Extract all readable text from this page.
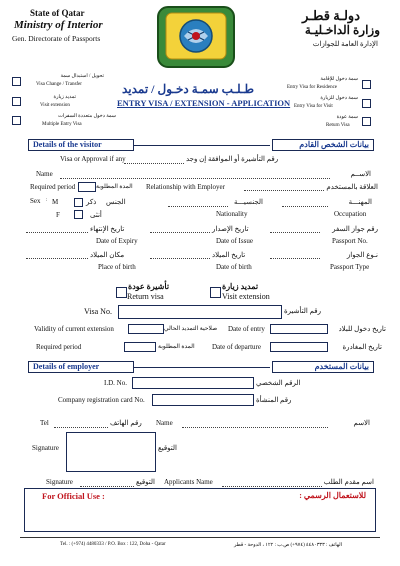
State of Qatar
Ministry of Interior
Gen. Directorate of Passports
دولـة قطـر
وزارة الداخـليـة
الإدارة العامة للجوازات
طـلـب سمـة دخـول / تمديد
ENTRY VISA / EXTENSION - APPLICATION
تحويل / استبدال سمة
Visa Change / Transfer
تمديد زيارة
Visit extension
سمة دخول متعددة السفرات
Multiple Entry Visa
سمة دخول للإقامة
Entry Visa for Residence
سمة دخول للزيارة
Entry Visa for Visit
سمة عودة
Return Visa
Details of the visitor	بيانات الشخص القادم
Visa or Approval if any	رقم التأشيرة أو الموافقة إن وجد
Name	الاســم
Required period	المدة المطلوبة	Relationship with Employer	العلاقة بالمستخدم
Sex : M	ذكر
F	أنثى
الجنس	الجنسيـــة
Nationality
المهنـــة
Occupation
تاريخ الإنتهاء
Date of Expiry
تاريخ الإصدار
Date of Issue
رقم جواز السفر
Passport No.
مكان الميلاد
Place of birth
تاريخ الميلاد
Date of birth
نـوع الجواز
Passport Type
تأشيرة عودة
Return visa
تمديد زيارة
Visit extension
Visa No.	رقم التأشيرة
Validity of current extension	صلاحية التمديد الحالي	Date of entry	تاريخ دخول للبلاد
Required period	المدة المطلوبة	Date of departure	تاريخ المغادرة
Details of employer	بيانات المستخدم
I.D. No.	الرقم الشخصي
Company registration card No.	رقم المنشأة
Tel	رقم الهاتف	Name	الاسم
Signature	التوقيع
Signature	التوقيع	Applicants Name	اسم مقدم الطلب
For Official Use :	للاستعمال الرسمي :
Tel. : (+974) 4480333 / P.O. Box : 122, Doha - Qatar	الهاتف : ٤٤٨٠٣٣٣ (٩٧٤+) ص.ب : ١٢٢ ، الدوحة - قطر
